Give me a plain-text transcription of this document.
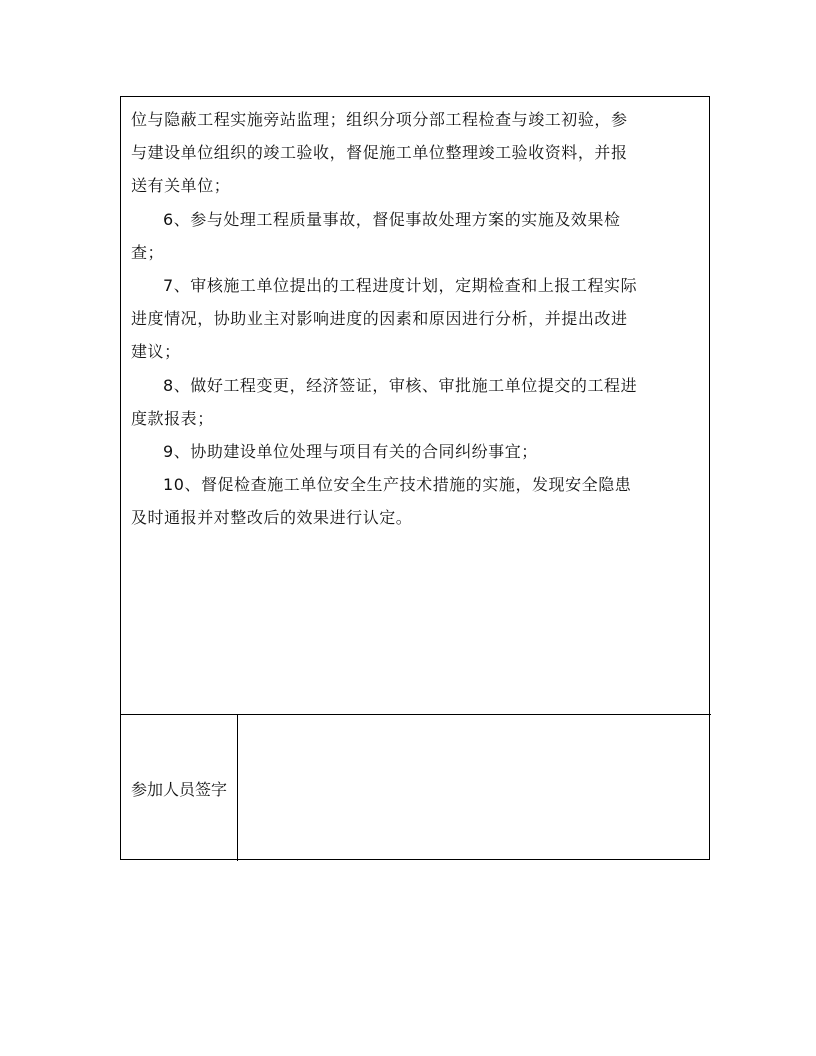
位与隐蔽工程实施旁站监理；组织分项分部工程检查与竣工初验，参
与建设单位组织的竣工验收，督促施工单位整理竣工验收资料，并报
送有关单位；
6、参与处理工程质量事故，督促事故处理方案的实施及效果检
查；
7、审核施工单位提出的工程进度计划，定期检查和上报工程实际
进度情况，协助业主对影响进度的因素和原因进行分析，并提出改进
建议；
8、做好工程变更，经济签证，审核、审批施工单位提交的工程进
度款报表；
9、协助建设单位处理与项目有关的合同纠纷事宜；
10、督促检查施工单位安全生产技术措施的实施，发现安全隐患
及时通报并对整改后的效果进行认定。
参加人员签字
